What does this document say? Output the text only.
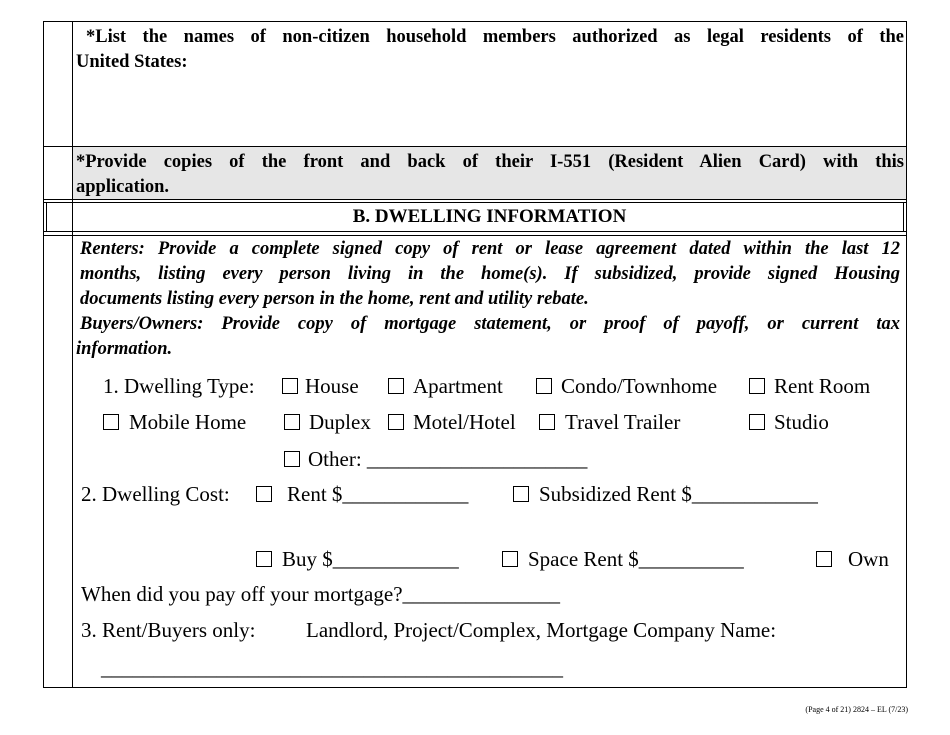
*List the names of non-citizen household members authorized as legal residents of the
United States:
*Provide copies of the front and back of their I-551 (Resident Alien Card) with this
application.
B. DWELLING INFORMATION
Renters: Provide a complete signed copy of rent or lease agreement dated within the last 12
months, listing every person living in the home(s). If subsidized, provide signed Housing
documents listing every person in the home, rent and utility rebate.
Buyers/Owners: Provide copy of mortgage statement, or proof of payoff, or current tax
information.
1. Dwelling Type: House	Apartment	Condo/Townhome	Rent Room
Mobile Home	Duplex Motel/Hotel Travel Trailer	Studio
Other: _____________________
2. Dwelling Cost:	Rent $____________	Subsidized Rent $____________
Buy $____________	Space Rent $__________	Own
When did you pay off your mortgage?_______________
3. Rent/Buyers only: Landlord, Project/Complex, Mortgage Company Name:
____________________________________________
(Page 4 of 21) 2824 – EL (7/23)
